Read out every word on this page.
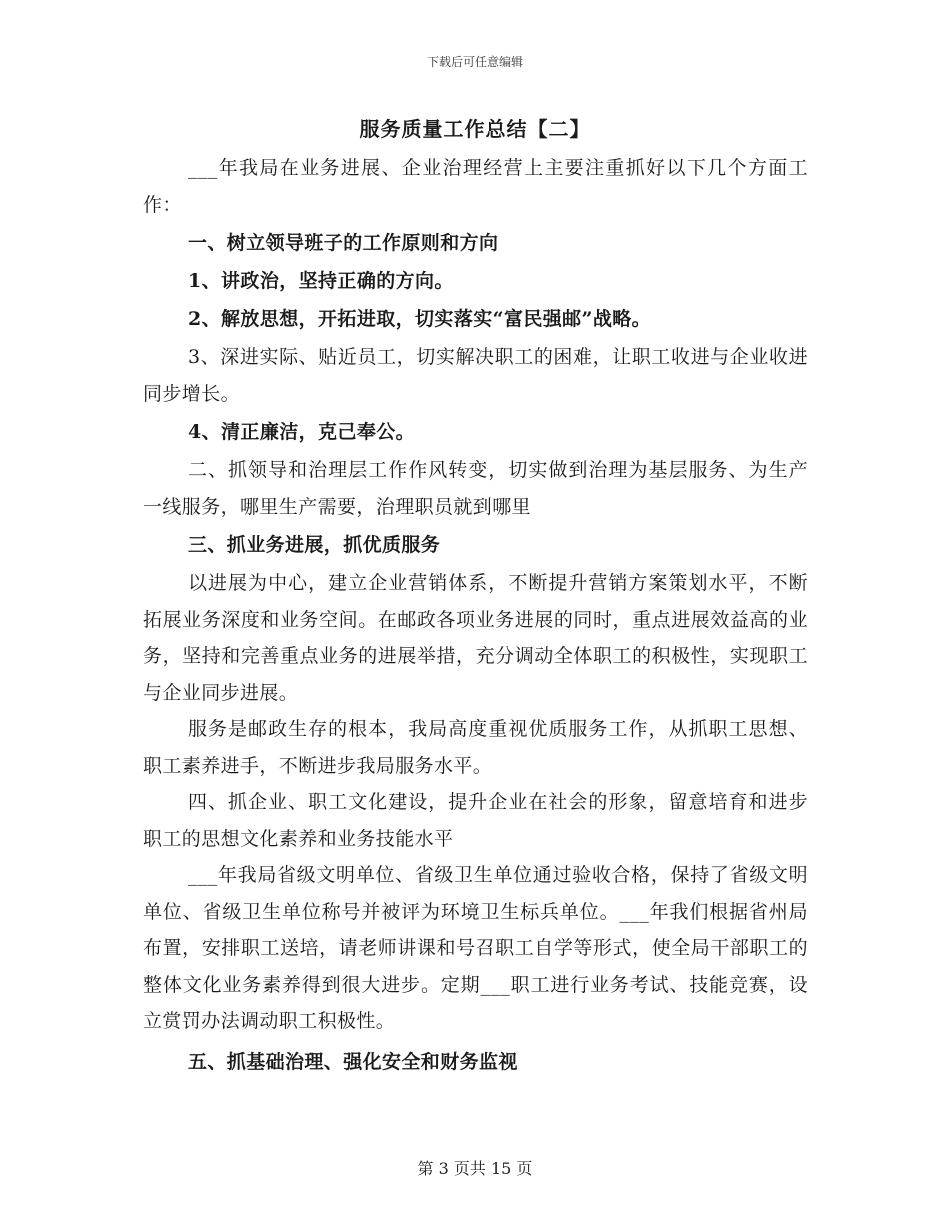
下载后可任意编辑
服务质量工作总结【二】

___年我局在业务进展、企业治理经营上主要注重抓好以下几个方面工作：

一、树立领导班子的工作原则和方向

1、讲政治，坚持正确的方向。

2、解放思想，开拓进取，切实落实“富民强邮”战略。

3、深进实际、贴近员工，切实解决职工的困难，让职工收进与企业收进同步增长。

4、清正廉洁，克己奉公。

二、抓领导和治理层工作作风转变，切实做到治理为基层服务、为生产一线服务，哪里生产需要，治理职员就到哪里

三、抓业务进展，抓优质服务

以进展为中心，建立企业营销体系，不断提升营销方案策划水平，不断拓展业务深度和业务空间。在邮政各项业务进展的同时，重点进展效益高的业务，坚持和完善重点业务的进展举措，充分调动全体职工的积极性，实现职工与企业同步进展。

服务是邮政生存的根本，我局高度重视优质服务工作，从抓职工思想、职工素养进手，不断进步我局服务水平。

四、抓企业、职工文化建设，提升企业在社会的形象，留意培育和进步职工的思想文化素养和业务技能水平

___年我局省级文明单位、省级卫生单位通过验收合格，保持了省级文明单位、省级卫生单位称号并被评为环境卫生标兵单位。___年我们根据省州局布置，安排职工送培，请老师讲课和号召职工自学等形式，使全局干部职工的整体文化业务素养得到很大进步。定期___职工进行业务考试、技能竞赛，设立赏罚办法调动职工积极性。

五、抓基础治理、强化安全和财务监视

第 3 页共 15 页
